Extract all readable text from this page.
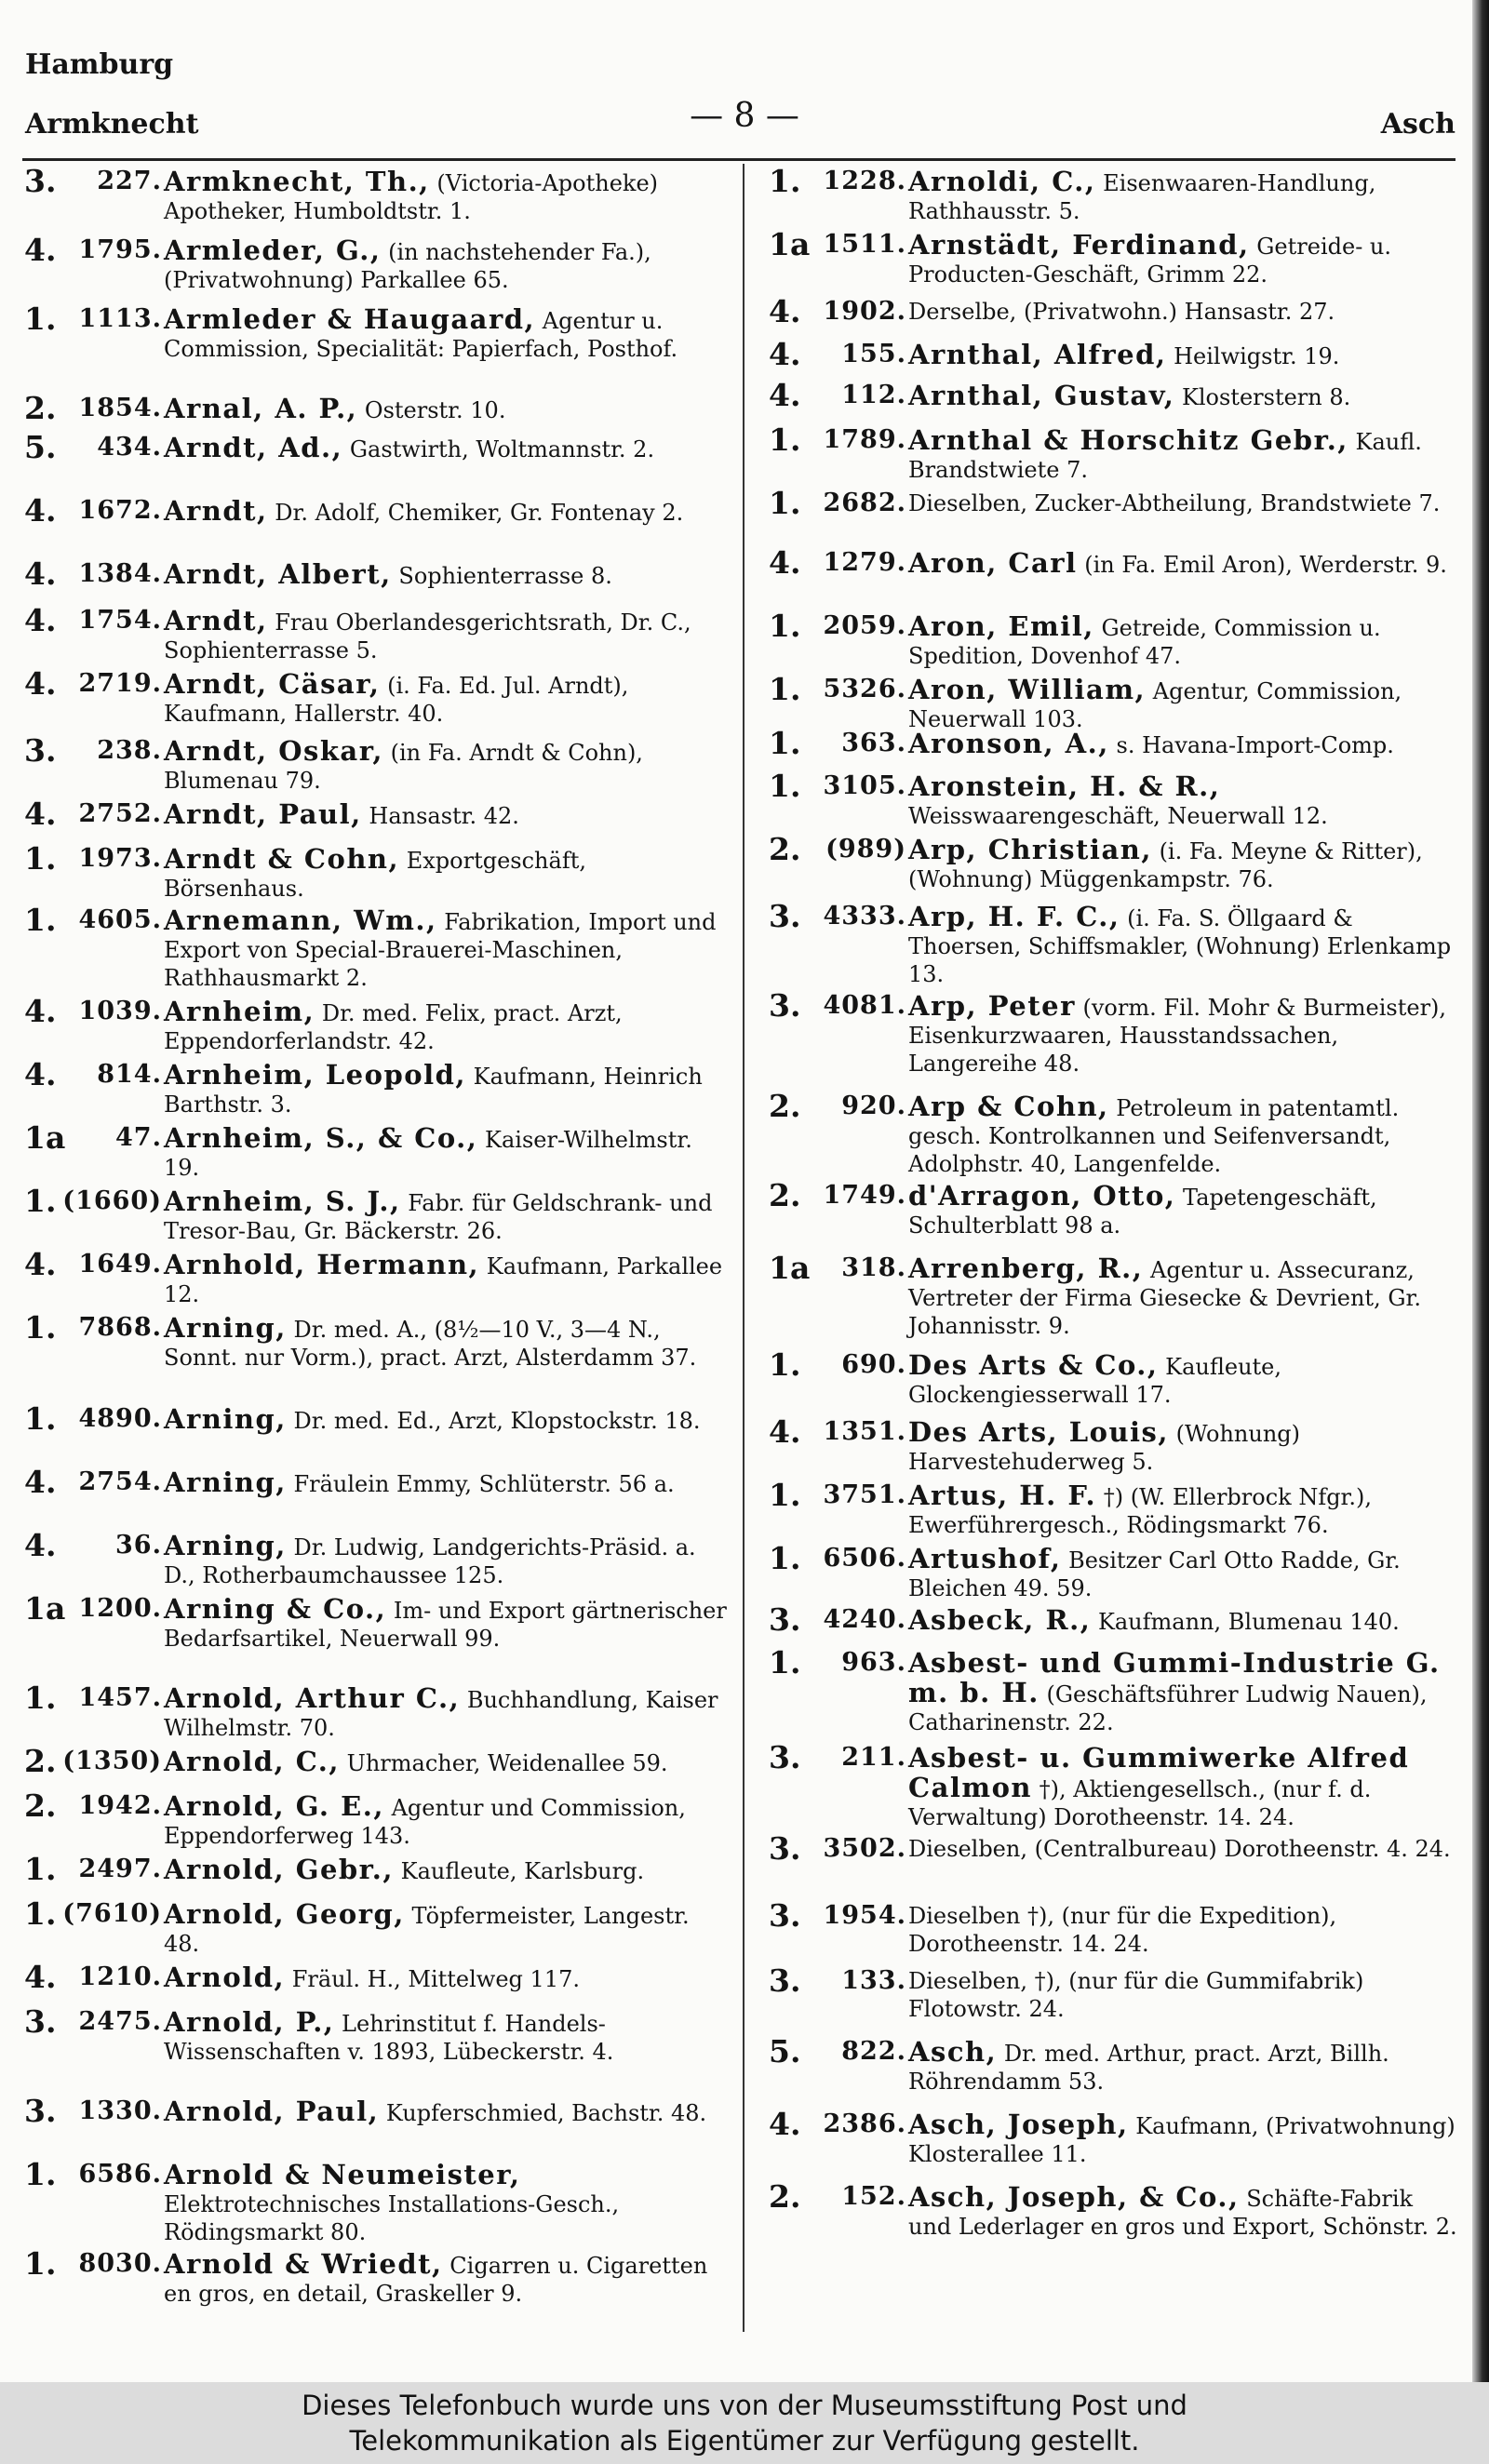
Hamburg
Armknecht	— 8 —	Asch
3.	227. Armknecht, Th., (Victoria-Apotheke) Apotheker, Humboldtstr. 1.
4. 1795. Armleder, G., (in nachstehender Fa.), (Privatwohnung) Parkallee 65.
1. 1113. Armleder & Haugaard, Agentur u. Commission, Specialität: Papierfach, Posthof.
2. 1854. Arnal, A. P., Osterstr. 10.
5.	434. Arndt, Ad., Gastwirth, Woltmannstr. 2.
4. 1672. Arndt, Dr. Adolf, Chemiker, Gr. Fontenay 2.
4. 1384. Arndt, Albert, Sophienterrasse 8.
4. 1754. Arndt, Frau Oberlandesgerichtsrath, Dr. C., Sophienterrasse 5.
4. 2719. Arndt, Cäsar, (i. Fa. Ed. Jul. Arndt), Kaufmann, Hallerstr. 40.
3.	238. Arndt, Oskar, (in Fa. Arndt & Cohn), Blumenau 79.
4. 2752. Arndt, Paul, Hansastr. 42.
1. 1973. Arndt & Cohn, Exportgeschäft, Börsenhaus.
1. 4605. Arnemann, Wm., Fabrikation, Import und Export von Special-Brauerei-Maschinen, Rathhausmarkt 2.
4. 1039. Arnheim, Dr. med. Felix, pract. Arzt, Eppendorferlandstr. 42.
4.	814. Arnheim, Leopold, Kaufmann, Heinrich Barthstr. 3.
1a	47. Arnheim, S., & Co., Kaiser-Wilhelmstr. 19.
1. (1660) Arnheim, S. J., Fabr. für Geldschrank- und Tresor-Bau, Gr. Bäckerstr. 26.
4. 1649. Arnhold, Hermann, Kaufmann, Parkallee 12.
1. 7868. Arning, Dr. med. A., (8½—10 V., 3—4 N., Sonnt. nur Vorm.), pract. Arzt, Alsterdamm 37.
1. 4890. Arning, Dr. med. Ed., Arzt, Klopstockstr. 18.
4. 2754. Arning, Fräulein Emmy, Schlüterstr. 56 a.
4.	36. Arning, Dr. Ludwig, Landgerichts-Präsid. a. D., Rotherbaumchaussee 125.
1a 1200. Arning & Co., Im- und Export gärtnerischer Bedarfsartikel, Neuerwall 99.
1. 1457. Arnold, Arthur C., Buchhandlung, Kaiser Wilhelmstr. 70.
2. (1350) Arnold, C., Uhrmacher, Weidenallee 59.
2. 1942. Arnold, G. E., Agentur und Commission, Eppendorferweg 143.
1. 2497. Arnold, Gebr., Kaufleute, Karlsburg.
1. (7610) Arnold, Georg, Töpfermeister, Langestr. 48.
4. 1210. Arnold, Fräul. H., Mittelweg 117.
3. 2475. Arnold, P., Lehrinstitut f. Handels-Wissenschaften v. 1893, Lübeckerstr. 4.
3. 1330. Arnold, Paul, Kupferschmied, Bachstr. 48.
1. 6586. Arnold & Neumeister, Elektrotechnisches Installations-Gesch., Rödingsmarkt 80.
1. 8030. Arnold & Wriedt, Cigarren u. Cigaretten en gros, en detail, Graskeller 9.
1. 1228. Arnoldi, C., Eisenwaaren-Handlung, Rathhausstr. 5.
1a 1511. Arnstädt, Ferdinand, Getreide- u. Producten-Geschäft, Grimm 22.
4. 1902. Derselbe, (Privatwohn.) Hansastr. 27.
4.	155. Arnthal, Alfred, Heilwigstr. 19.
4.	112. Arnthal, Gustav, Klosterstern 8.
1. 1789. Arnthal & Horschitz Gebr., Kaufl. Brandstwiete 7.
1. 2682. Dieselben, Zucker-Abtheilung, Brandstwiete 7.
4. 1279. Aron, Carl (in Fa. Emil Aron), Werderstr. 9.
1. 2059. Aron, Emil, Getreide, Commission u. Spedition, Dovenhof 47.
1. 5326. Aron, William, Agentur, Commission, Neuerwall 103.
1.	363. Aronson, A., s. Havana-Import-Comp.
1. 3105. Aronstein, H. & R., Weisswaarengeschäft, Neuerwall 12.
2. (989) Arp, Christian, (i. Fa. Meyne & Ritter), (Wohnung) Müggenkampstr. 76.
3. 4333. Arp, H. F. C., (i. Fa. S. Öllgaard & Thoersen, Schiffsmakler, (Wohnung) Erlenkamp 13.
3. 4081. Arp, Peter (vorm. Fil. Mohr & Burmeister), Eisenkurzwaaren, Hausstandssachen, Langereihe 48.
2.	920. Arp & Cohn, Petroleum in patentamtl. gesch. Kontrolkannen und Seifenversandt, Adolphstr. 40, Langenfelde.
2. 1749. d'Arragon, Otto, Tapetengeschäft, Schulterblatt 98 a.
1a	318. Arrenberg, R., Agentur u. Assecuranz, Vertreter der Firma Giesecke & Devrient, Gr. Johannisstr. 9.
1.	690. Des Arts & Co., Kaufleute, Glockengiesserwall 17.
4. 1351. Des Arts, Louis, (Wohnung) Harvestehuderweg 5.
1. 3751. Artus, H. F. †) (W. Ellerbrock Nfgr.), Ewerführergesch., Rödingsmarkt 76.
1. 6506. Artushof, Besitzer Carl Otto Radde, Gr. Bleichen 49. 59.
3. 4240. Asbeck, R., Kaufmann, Blumenau 140.
1.	963. Asbest- und Gummi-Industrie G. m. b. H. (Geschäftsführer Ludwig Nauen), Catharinenstr. 22.
3.	211. Asbest- u. Gummiwerke Alfred Calmon †), Aktiengesellsch., (nur f. d. Verwaltung) Dorotheenstr. 14. 24.
3. 3502. Dieselben, (Centralbureau) Dorotheenstr. 4. 24.
3. 1954. Dieselben †), (nur für die Expedition), Dorotheenstr. 14. 24.
3.	133. Dieselben, †), (nur für die Gummifabrik) Flotowstr. 24.
5.	822. Asch, Dr. med. Arthur, pract. Arzt, Billh. Röhrendamm 53.
4. 2386. Asch, Joseph, Kaufmann, (Privatwohnung) Klosterallee 11.
2.	152. Asch, Joseph, & Co., Schäfte-Fabrik und Lederlager en gros und Export, Schönstr. 2.
Dieses Telefonbuch wurde uns von der Museumsstiftung Post und
Telekommunikation als Eigentümer zur Verfügung gestellt.
